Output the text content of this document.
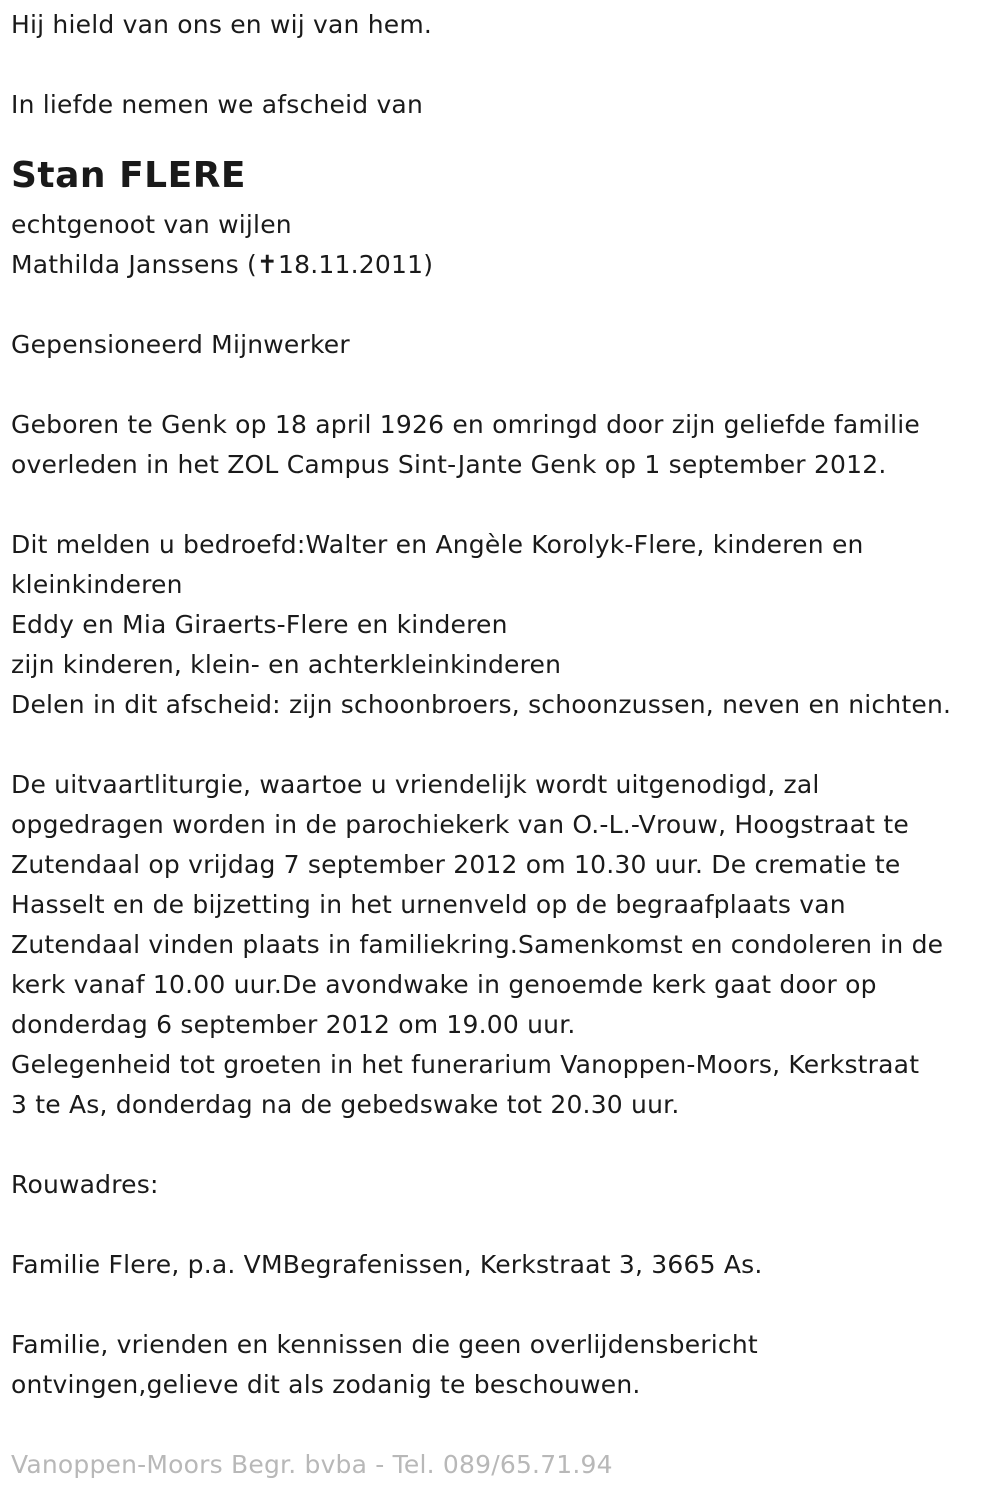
Hij hield van ons en wij van hem.
In liefde nemen we afscheid van
Stan FLERE
echtgenoot van wijlen
Mathilda Janssens (✝18.11.2011)
Gepensioneerd Mijnwerker
Geboren te Genk op 18 april 1926 en omringd door zijn geliefde familie
overleden in het ZOL Campus Sint-Jante Genk op 1 september 2012.
Dit melden u bedroefd:Walter en Angèle Korolyk-Flere, kinderen en
kleinkinderen
Eddy en Mia Giraerts-Flere en kinderen
zijn kinderen, klein- en achterkleinkinderen
Delen in dit afscheid: zijn schoonbroers, schoonzussen, neven en nichten.
De uitvaartliturgie, waartoe u vriendelijk wordt uitgenodigd, zal
opgedragen worden in de parochiekerk van O.-L.-Vrouw, Hoogstraat te
Zutendaal op vrijdag 7 september 2012 om 10.30 uur. De crematie te
Hasselt en de bijzetting in het urnenveld op de begraafplaats van
Zutendaal vinden plaats in familiekring.Samenkomst en condoleren in de
kerk vanaf 10.00 uur.De avondwake in genoemde kerk gaat door op
donderdag 6 september 2012 om 19.00 uur.
Gelegenheid tot groeten in het funerarium Vanoppen-Moors, Kerkstraat
3 te As, donderdag na de gebedswake tot 20.30 uur.
Rouwadres:
Familie Flere, p.a. VMBegrafenissen, Kerkstraat 3, 3665 As.
Familie, vrienden en kennissen die geen overlijdensbericht
ontvingen,gelieve dit als zodanig te beschouwen.
Vanoppen-Moors Begr. bvba - Tel. 089/65.71.94
